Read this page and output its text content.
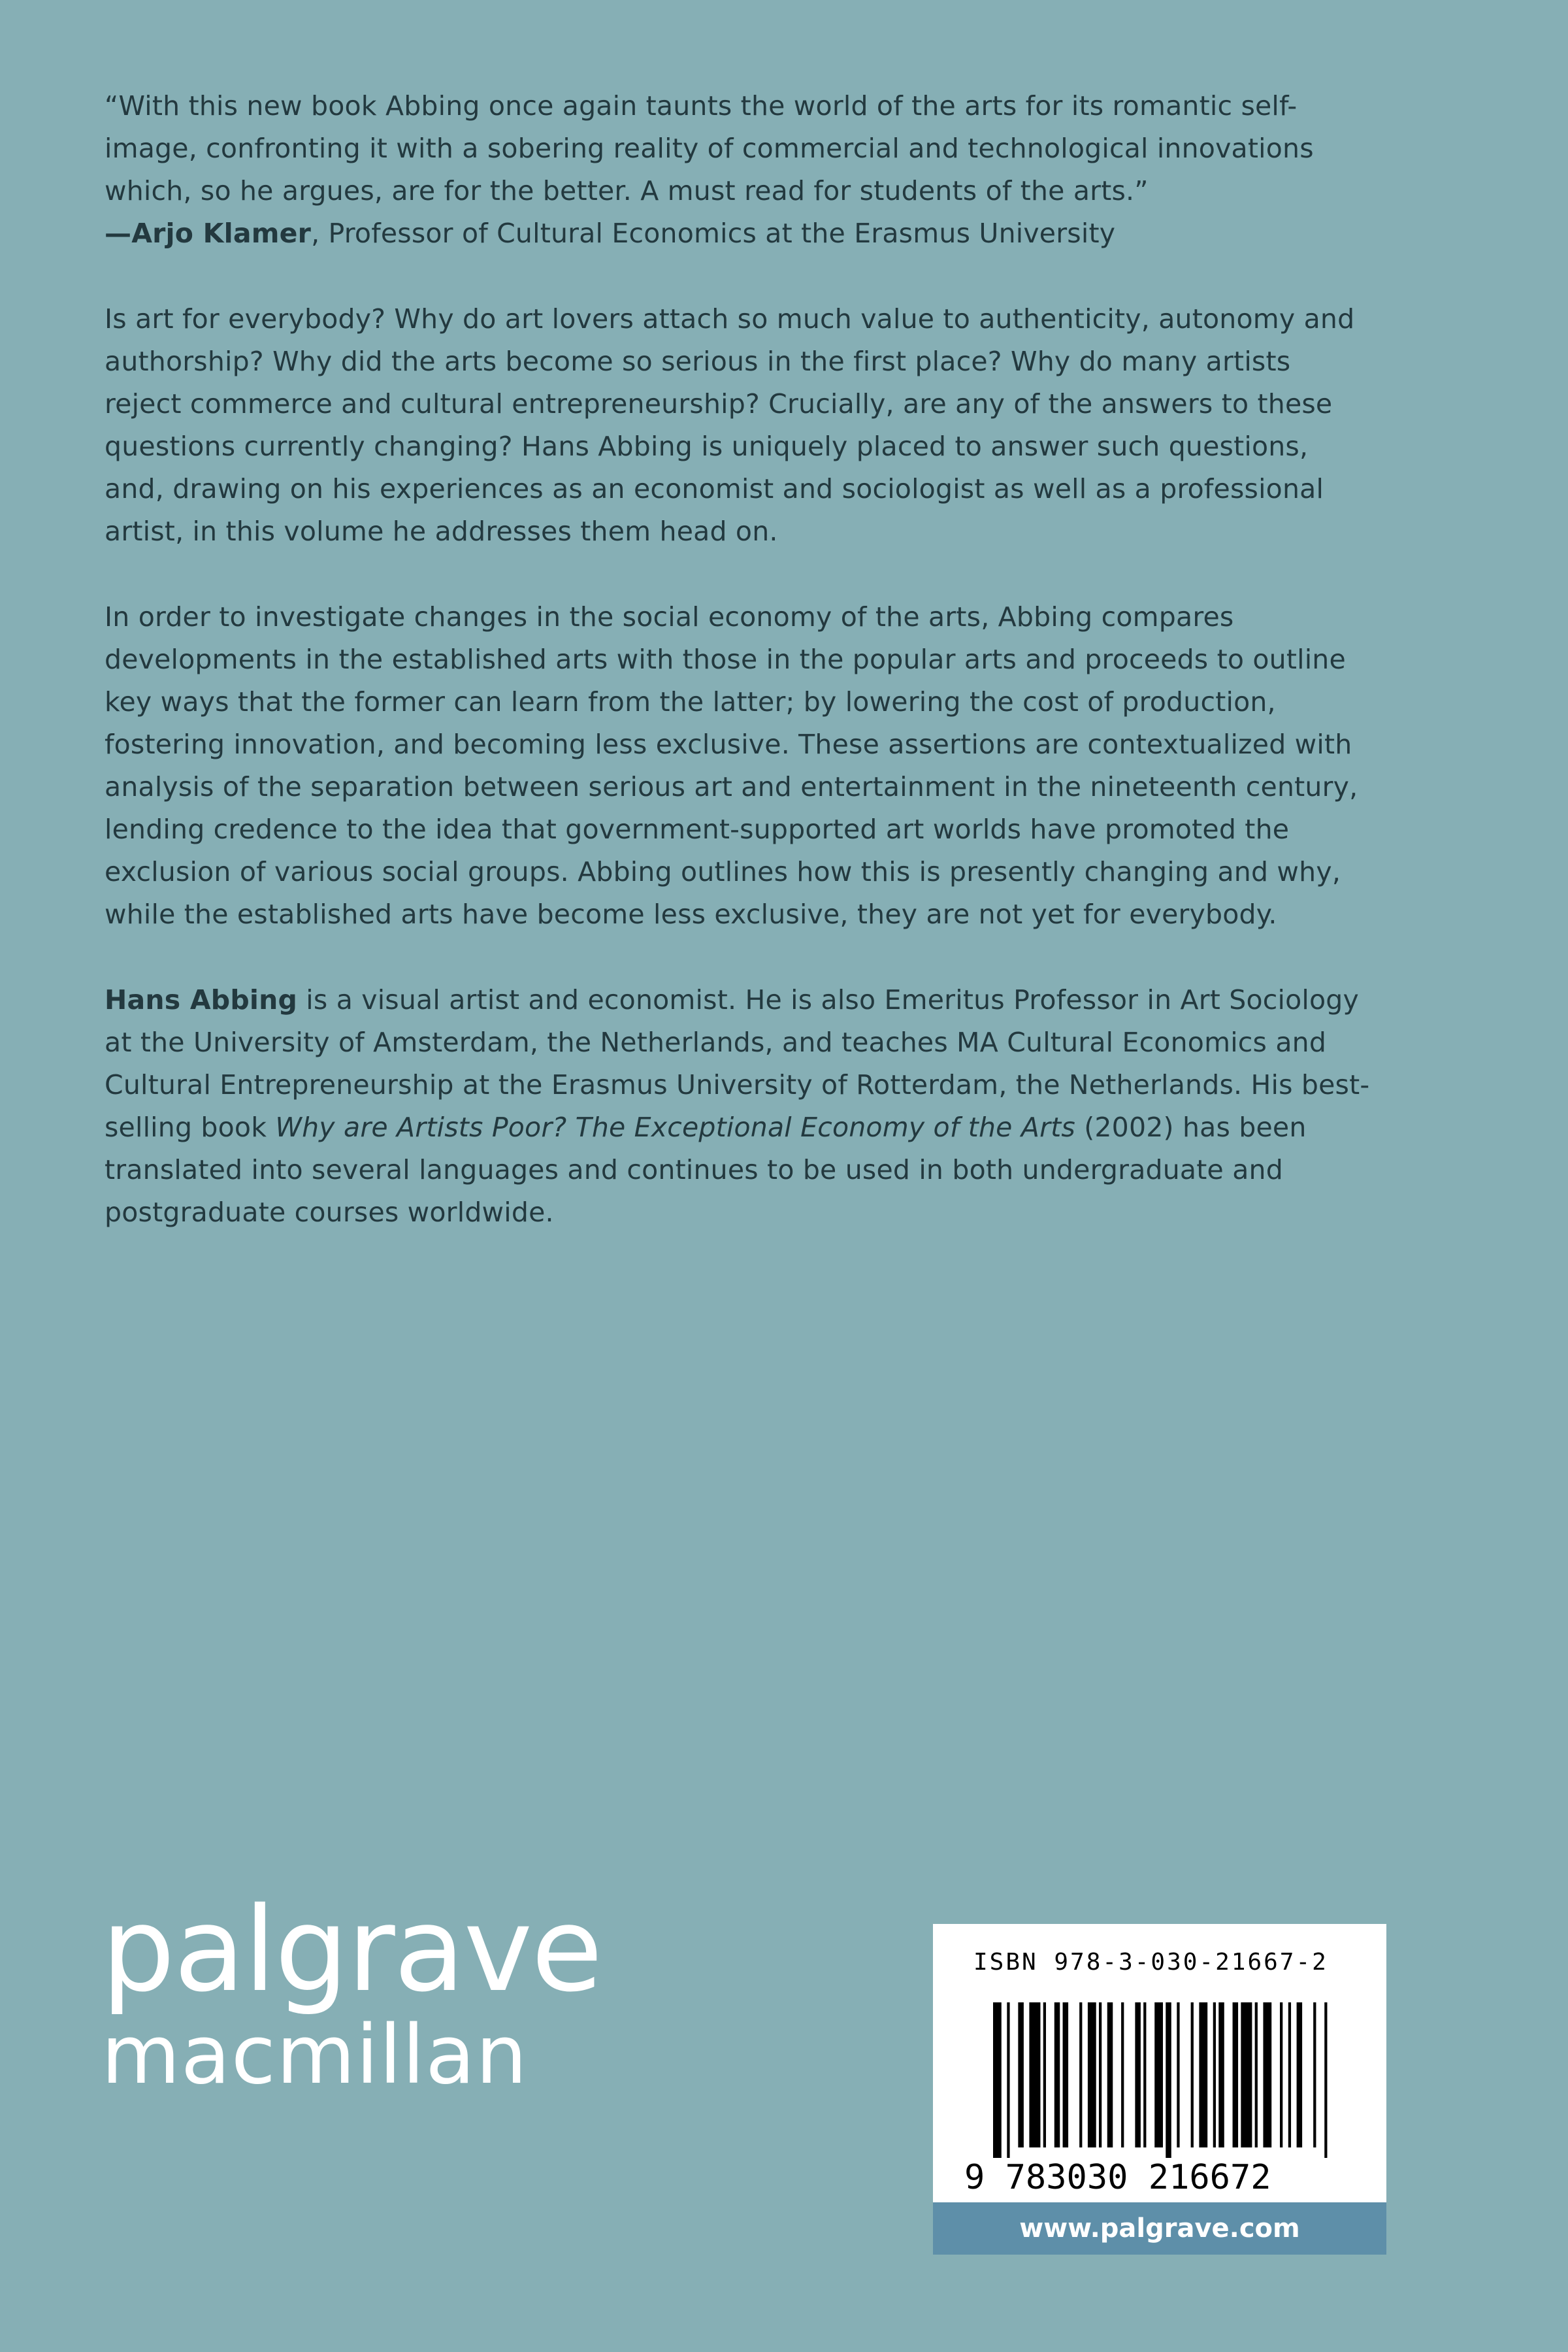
“With this new book Abbing once again taunts the world of the arts for its romantic self-image, confronting it with a sobering reality of commercial and technological innovations which, so he argues, are for the better. A must read for students of the arts.”
—Arjo Klamer, Professor of Cultural Economics at the Erasmus University

Is art for everybody? Why do art lovers attach so much value to authenticity, autonomy and authorship? Why did the arts become so serious in the first place? Why do many artists reject commerce and cultural entrepreneurship? Crucially, are any of the answers to these questions currently changing? Hans Abbing is uniquely placed to answer such questions, and, drawing on his experiences as an economist and sociologist as well as a professional artist, in this volume he addresses them head on.

In order to investigate changes in the social economy of the arts, Abbing compares developments in the established arts with those in the popular arts and proceeds to outline key ways that the former can learn from the latter; by lowering the cost of production, fostering innovation, and becoming less exclusive. These assertions are contextualized with analysis of the separation between serious art and entertainment in the nineteenth century, lending credence to the idea that government-supported art worlds have promoted the exclusion of various social groups. Abbing outlines how this is presently changing and why, while the established arts have become less exclusive, they are not yet for everybody.

Hans Abbing is a visual artist and economist. He is also Emeritus Professor in Art Sociology at the University of Amsterdam, the Netherlands, and teaches MA Cultural Economics and Cultural Entrepreneurship at the Erasmus University of Rotterdam, the Netherlands. His best-selling book Why are Artists Poor? The Exceptional Economy of the Arts (2002) has been translated into several languages and continues to be used in both undergraduate and postgraduate courses worldwide.

palgrave
macmillan
ISBN 978-3-030-21667-2
9 783030 216672
www.palgrave.com
